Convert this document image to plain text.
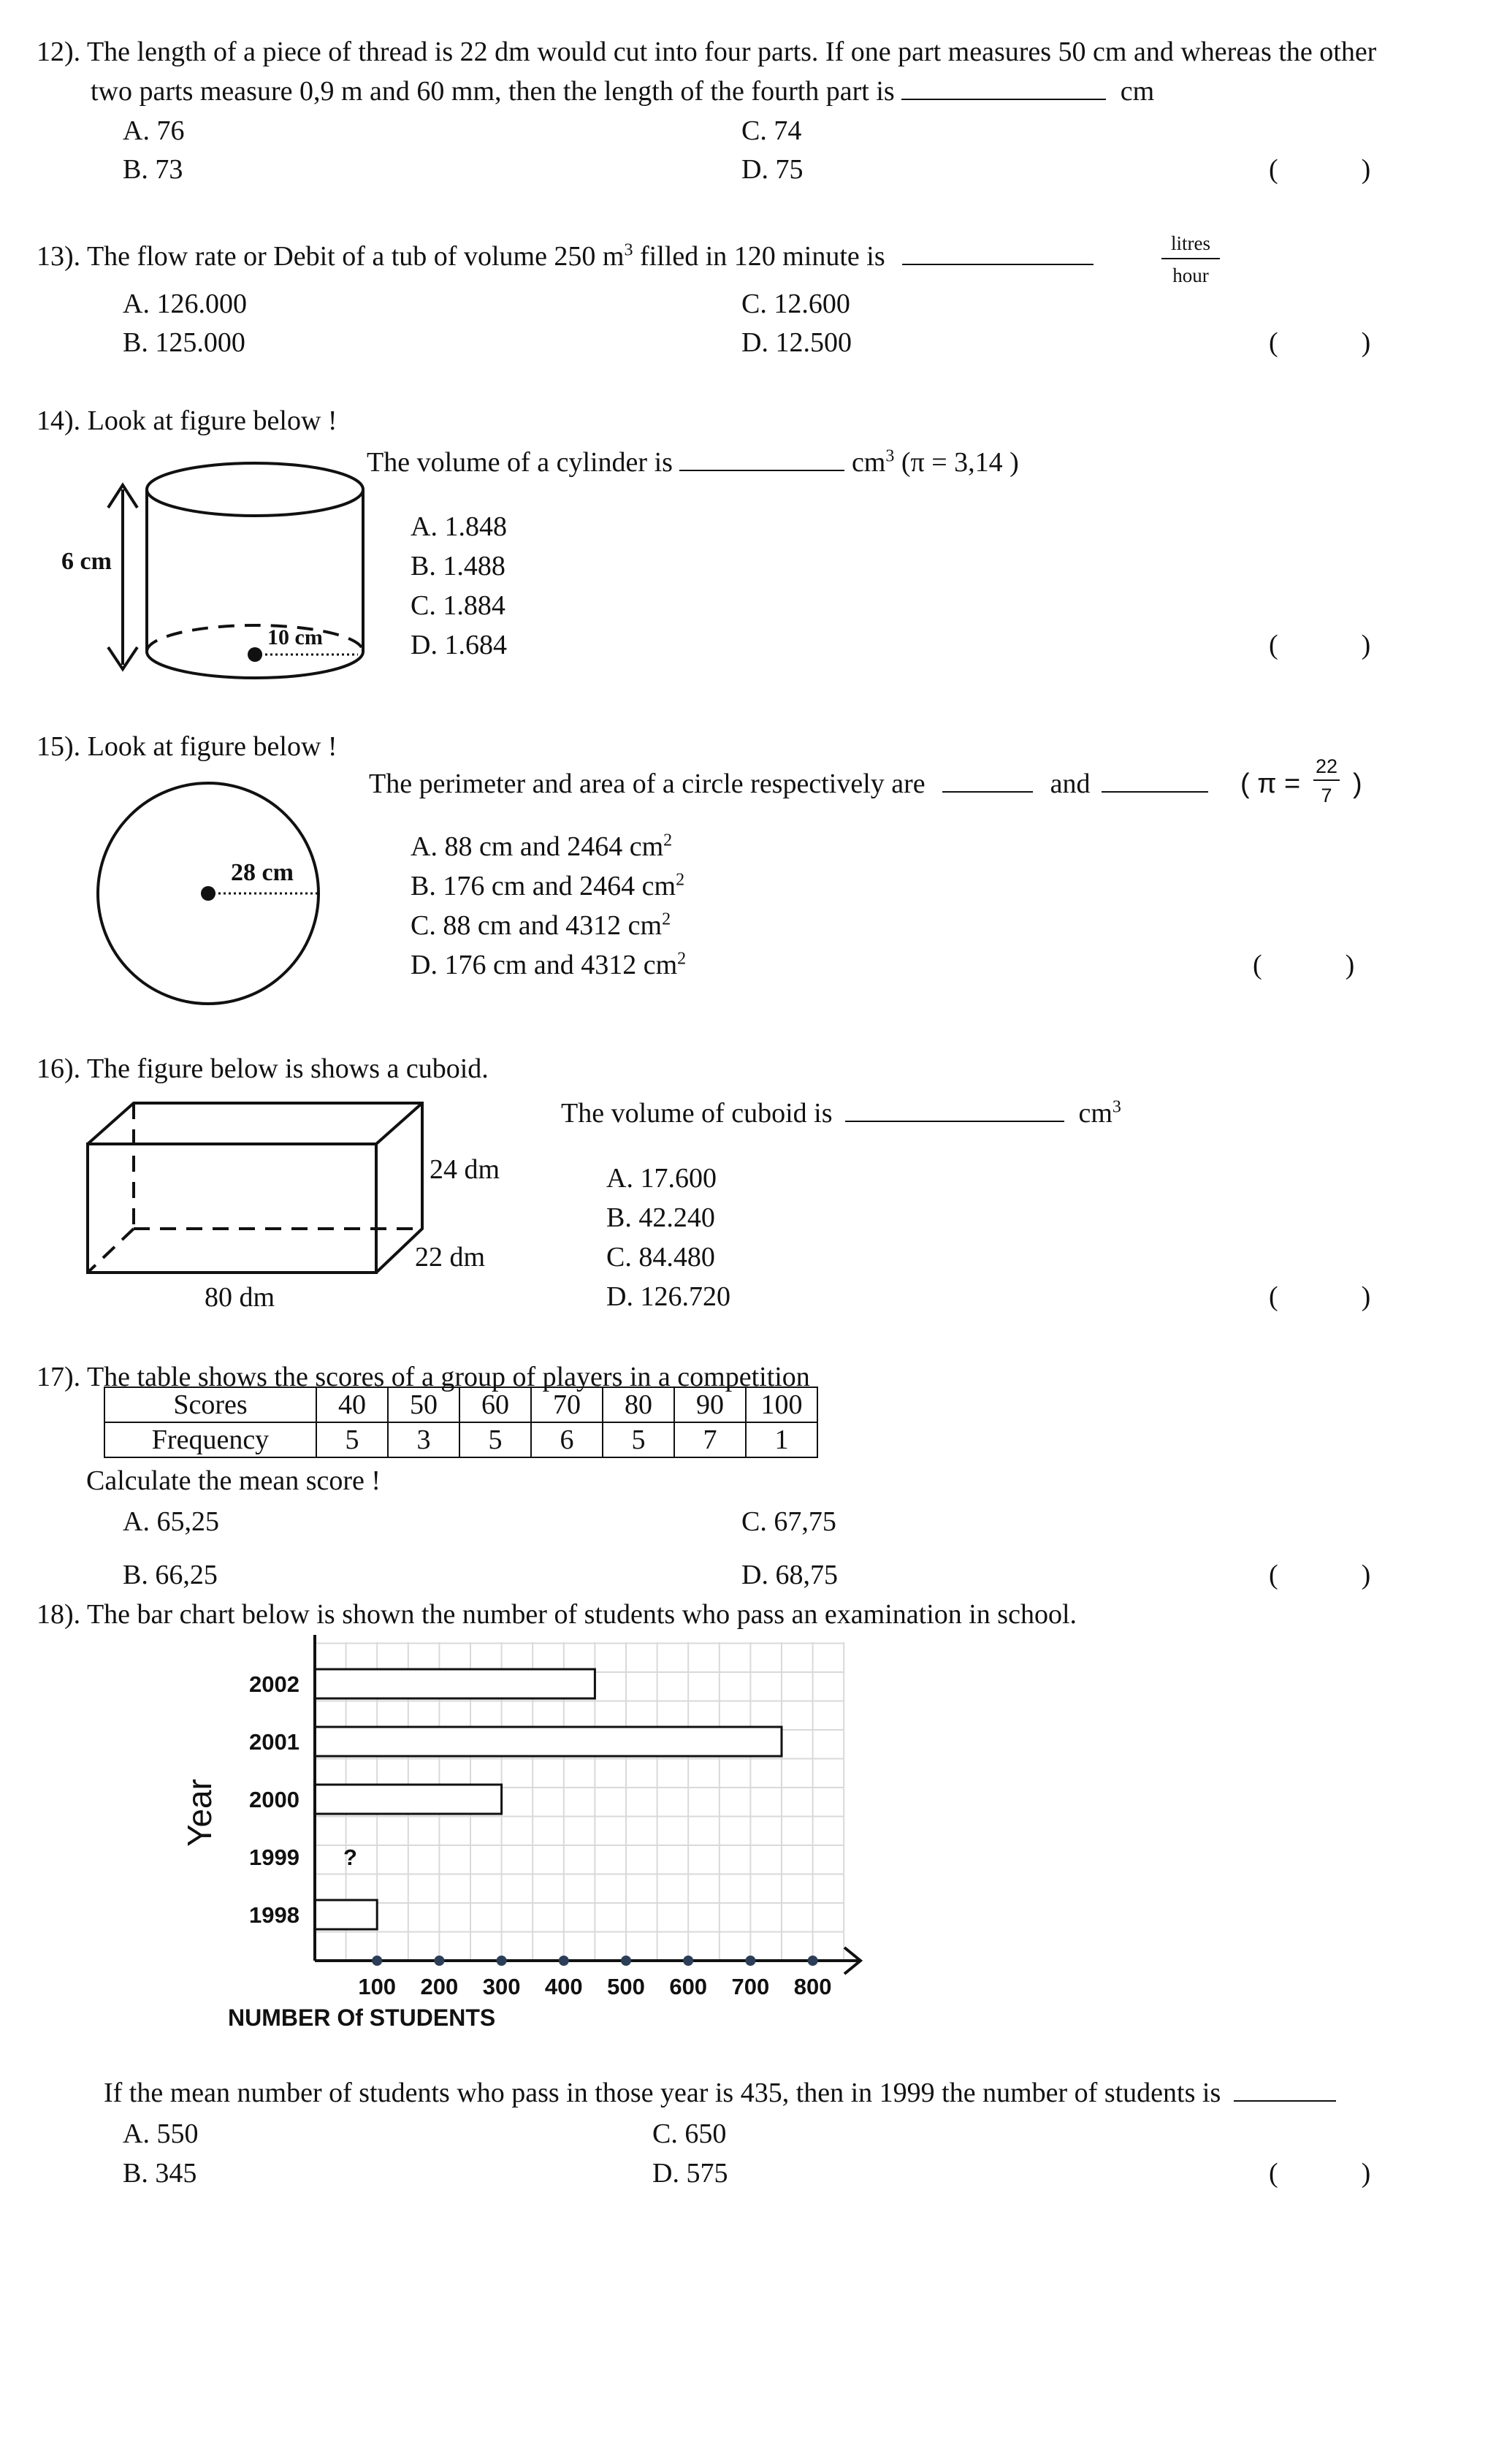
12). The length of a piece of thread is 22 dm would cut into four parts. If one part measures 50 cm and whereas the other
two parts measure 0,9 m and 60 mm, then the length of the fourth part is	cm
A. 76
B. 73
C. 74
D. 75	(            )
13). The flow rate or Debit of a tub of volume 250 $m^3$ filled in 120 minute is	litres
hour
A. 126.000
B. 125.000
C. 12.600
D. 12.500	(            )
14). Look at figure below !
The volume of a cylinder is	$cm^3$ (π = 3,14 )
6 cm
10 cm
A. 1.848
B. 1.488
C. 1.884
D. 1.684	(            )
15). Look at figure below !
The perimeter and area of a circle respectively are	and	( π =
22
7 )
28 cm
A. 88 cm and 2464 $cm^2$
B. 176 cm and 2464 $cm^2$
C. 88 cm and 4312 $cm^2$
D. 176 cm and 4312 $cm^2$	(            )
16). The figure below is shows a cuboid.
The volume of cuboid is	$cm^3$
24 dm
22 dm
80 dm
A. 17.600
B. 42.240
C. 84.480
D. 126.720	(            )
17). The table shows the scores of a group of players in a competition
Scores	40	50	60	70	80	90	100
Frequency	5	3	5	6	5	7	1
Calculate the mean score !
A. 65,25
B. 66,25
C. 67,75
D. 68,75	(            )
18). The bar chart below is shown the number of students who pass an examination in school.
2002
2001
2000
1999 ?
1998
100 200 300 400 500 600 700 800
NUMBER Of STUDENTS
Year
If the mean number of students who pass in those year is 435, then in 1999 the number of students is
A. 550
B. 345
C. 650
D. 575	(            )
